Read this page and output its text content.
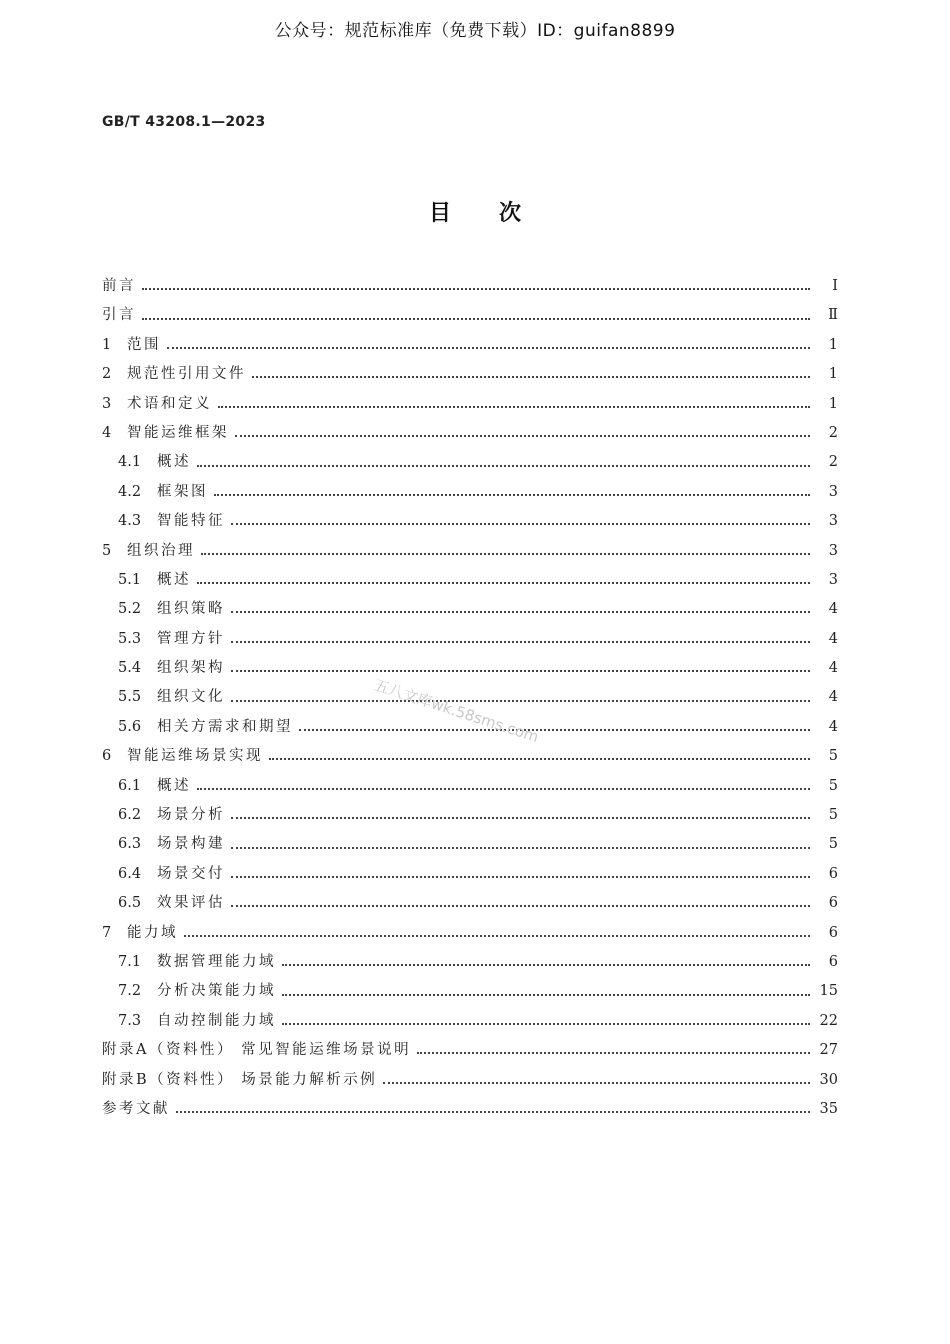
公众号：规范标准库（免费下载）ID：guifan8899
GB/T 43208.1—2023
目次
前言	Ⅰ
引言	Ⅱ
1	范围	1
2	规范性引用文件	1
3	术语和定义	1
4	智能运维框架	2
4.1	概述	2
4.2	框架图	3
4.3	智能特征	3
5	组织治理	3
5.1	概述	3
5.2	组织策略	4
5.3	管理方针	4
5.4	组织架构	4
5.5	组织文化	4
5.6	相关方需求和期望	4
6	智能运维场景实现	5
6.1	概述	5
6.2	场景分析	5
6.3	场景构建	5
6.4	场景交付	6
6.5	效果评估	6
7	能力域	6
7.1	数据管理能力域	6
7.2	分析决策能力域	15
7.3	自动控制能力域	22
附录A（资料性） 常见智能运维场景说明	27
附录B（资料性） 场景能力解析示例	30
参考文献	35
五八文库wk.58sms.com
